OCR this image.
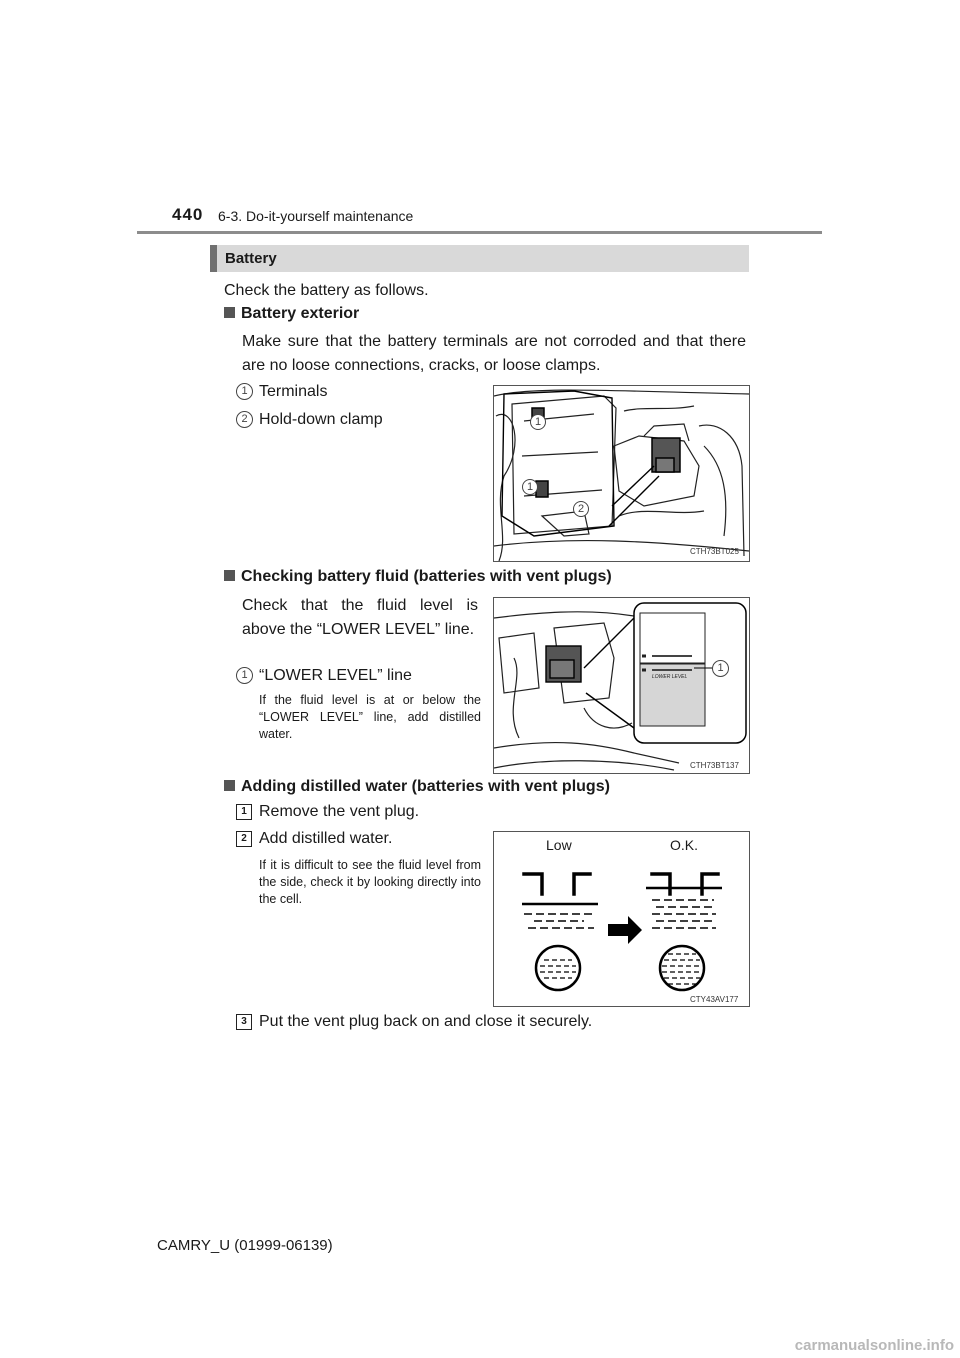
440 6-3. Do-it-yourself maintenance
Battery
Check the battery as follows.
Battery exterior
Make sure that the battery terminals are not corroded and that there are no loose connections, cracks, or loose clamps.
1 Terminals
2 Hold-down clamp
CTH73BT025
1
1
2
Checking battery fluid (batteries with vent plugs)
Check that the fluid level is above the “LOWER LEVEL” line.
1 “LOWER LEVEL” line
If the fluid level is at or below the “LOWER LEVEL” line, add distilled water.
LOWER LEVEL
CTH73BT137
1
Adding distilled water (batteries with vent plugs)
1 Remove the vent plug.
2 Add distilled water.
If it is difficult to see the fluid level from the side, check it by looking directly into the cell.
3 Put the vent plug back on and close it securely.
CTY43AV177
Low	O.K.
CAMRY_U (01999-06139)
carmanualsonline.info
